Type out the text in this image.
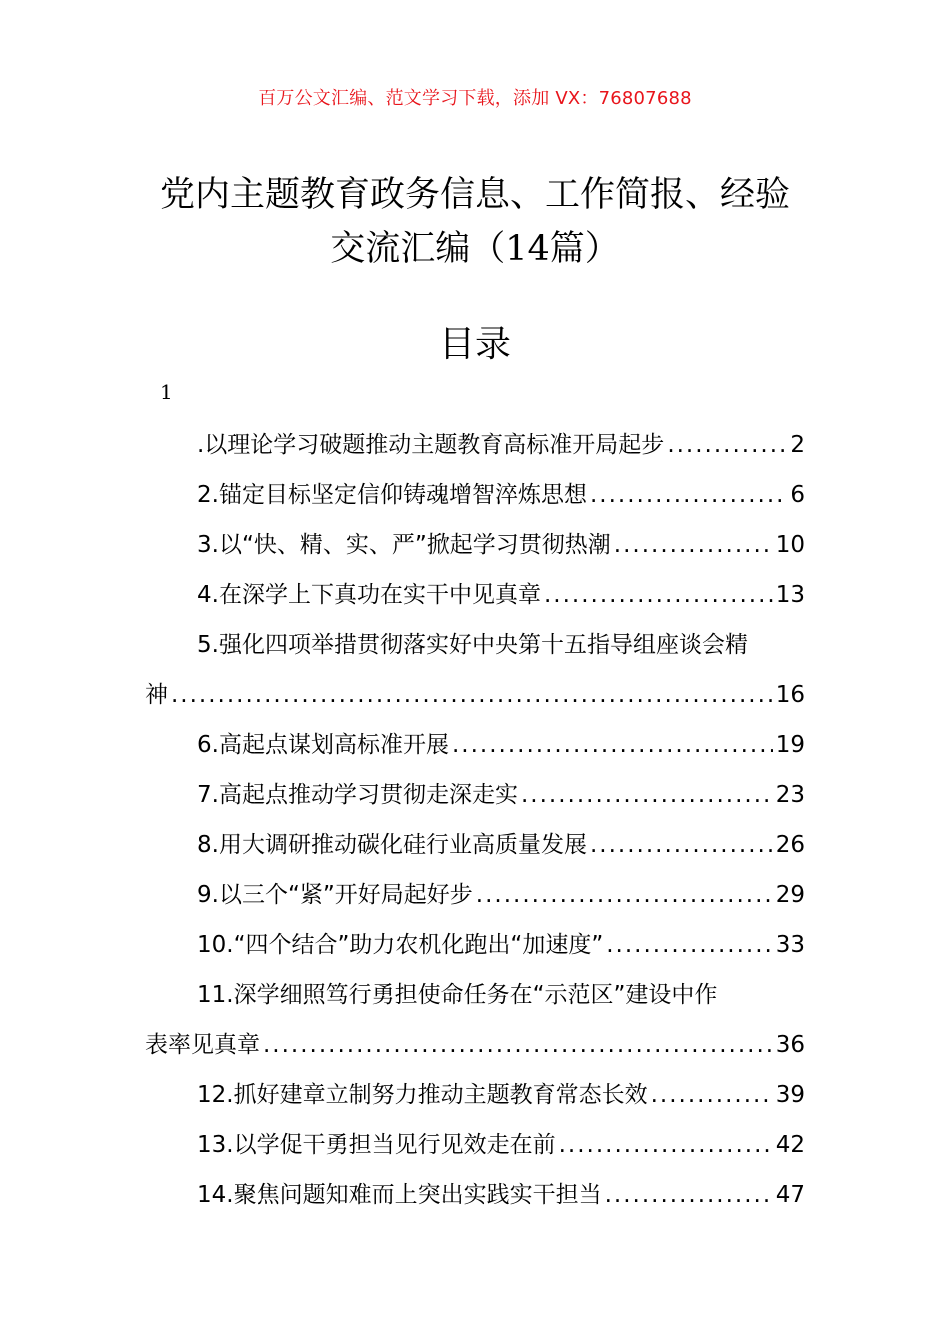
百万公文汇编、范文学习下载，添加 VX：76807688
党内主题教育政务信息、工作简报、经验
交流汇编（14篇）
目录
1
.以理论学习破题推动主题教育高标准开局起步 .....	2
2.锚定目标坚定信仰铸魂增智淬炼思想 .....	6
3.以“快、精、实、严”掀起学习贯彻热潮 .....	10
4.在深学上下真功在实干中见真章 .....	13
5.强化四项举措贯彻落实好中央第十五指导组座谈会精
神 .....	16
6.高起点谋划高标准开展 .....	19
7.高起点推动学习贯彻走深走实 .....	23
8.用大调研推动碳化硅行业高质量发展 .....	26
9.以三个“紧”开好局起好步 .....	29
10.“四个结合”助力农机化跑出“加速度” .....	33
11.深学细照笃行勇担使命任务在“示范区”建设中作
表率见真章 .....	36
12.抓好建章立制努力推动主题教育常态长效 .....	39
13.以学促干勇担当见行见效走在前 .....	42
14.聚焦问题知难而上突出实践实干担当 .....	47
